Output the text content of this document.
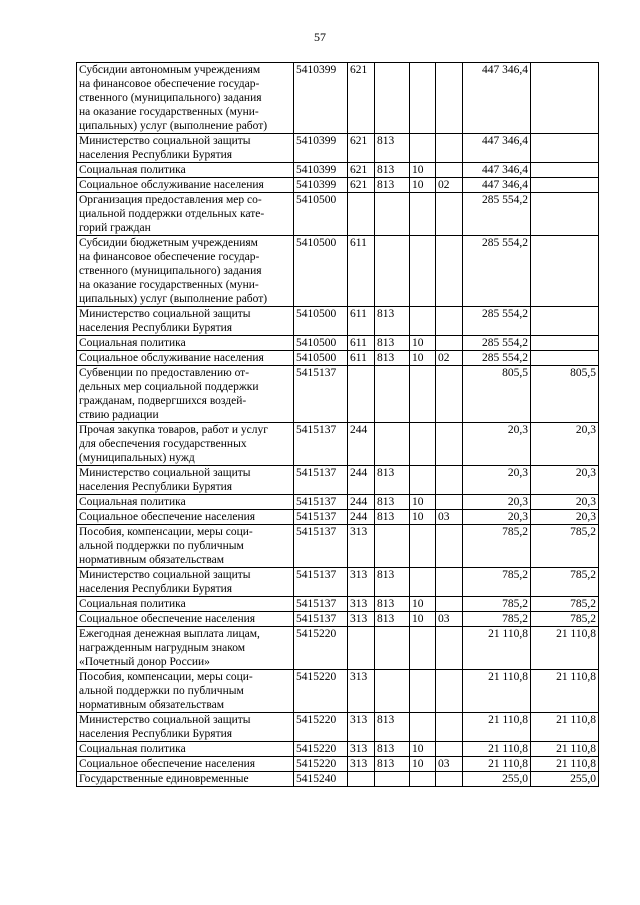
57
Субсидии автономным учреждениям
на финансовое обеспечение государ-
ственного (муниципального) задания
на оказание государственных (муни-
ципальных) услуг (выполнение работ)	5410399	621				447 346,4	

Министерство социальной защиты
населения Республики Бурятия	5410399	621	813			447 346,4	

Социальная политика	5410399	621	813	10		447 346,4	

Социальное обслуживание населения	5410399	621	813	10	02	447 346,4	

Организация предоставления мер со-
циальной поддержки отдельных кате-
горий граждан	5410500					285 554,2	

Субсидии бюджетным учреждениям
на финансовое обеспечение государ-
ственного (муниципального) задания
на оказание государственных (муни-
ципальных) услуг (выполнение работ)	5410500	611				285 554,2	

Министерство социальной защиты
населения Республики Бурятия	5410500	611	813			285 554,2	

Социальная политика	5410500	611	813	10		285 554,2	

Социальное обслуживание населения	5410500	611	813	10	02	285 554,2	

Субвенции по предоставлению от-
дельных мер социальной поддержки
гражданам, подвергшихся воздей-
ствию радиации	5415137					805,5	805,5

Прочая закупка товаров, работ и услуг
для обеспечения государственных
(муниципальных) нужд	5415137	244				20,3	20,3

Министерство социальной защиты
населения Республики Бурятия	5415137	244	813			20,3	20,3

Социальная политика	5415137	244	813	10		20,3	20,3

Социальное обеспечение населения	5415137	244	813	10	03	20,3	20,3

Пособия, компенсации, меры соци-
альной поддержки по публичным
нормативным обязательствам	5415137	313				785,2	785,2

Министерство социальной защиты
населения Республики Бурятия	5415137	313	813			785,2	785,2

Социальная политика	5415137	313	813	10		785,2	785,2

Социальное обеспечение населения	5415137	313	813	10	03	785,2	785,2

Ежегодная денежная выплата лицам,
награжденным нагрудным знаком
«Почетный донор России»	5415220					21 110,8	21 110,8

Пособия, компенсации, меры соци-
альной поддержки по публичным
нормативным обязательствам	5415220	313				21 110,8	21 110,8

Министерство социальной защиты
населения Республики Бурятия	5415220	313	813			21 110,8	21 110,8

Социальная политика	5415220	313	813	10		21 110,8	21 110,8

Социальное обеспечение населения	5415220	313	813	10	03	21 110,8	21 110,8

Государственные единовременные	5415240					255,0	255,0
